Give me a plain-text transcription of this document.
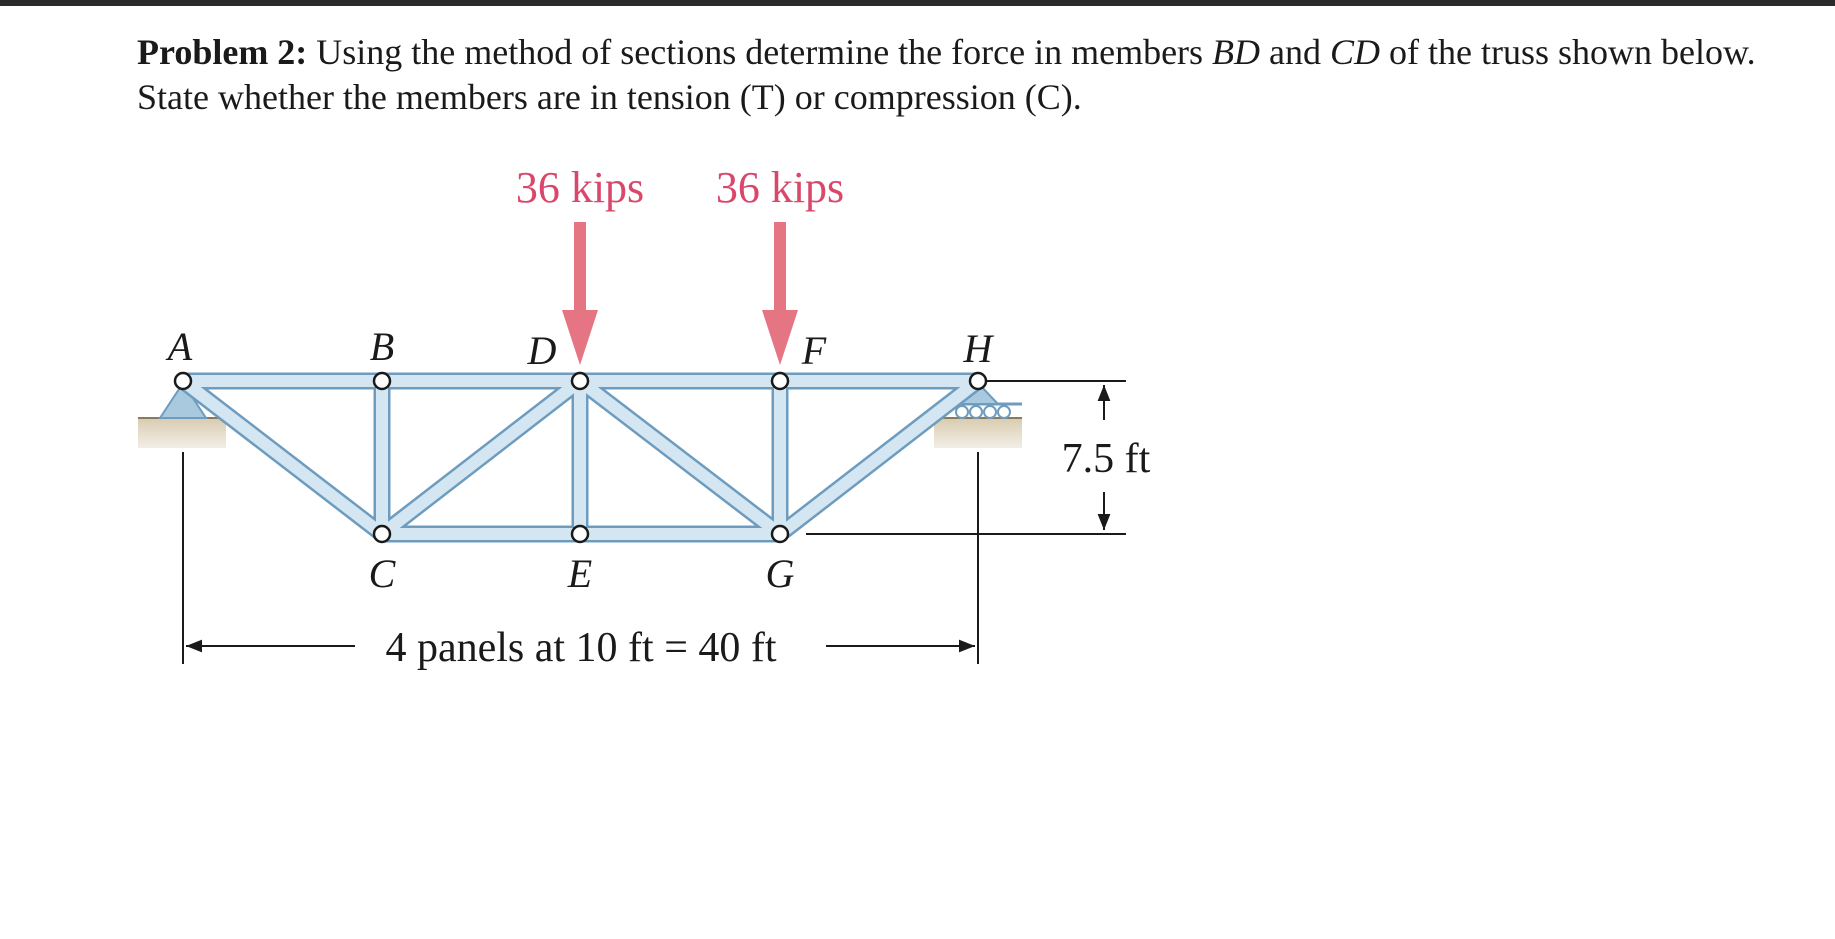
Problem 2: Using the method of sections determine the force in members BD and CD of the truss shown below. State whether the members are in tension (T) or compression (C).
A	B	D	F	H
C	E	G
36 kips 36 kips
7.5 ft
4 panels at 10 ft = 40 ft
